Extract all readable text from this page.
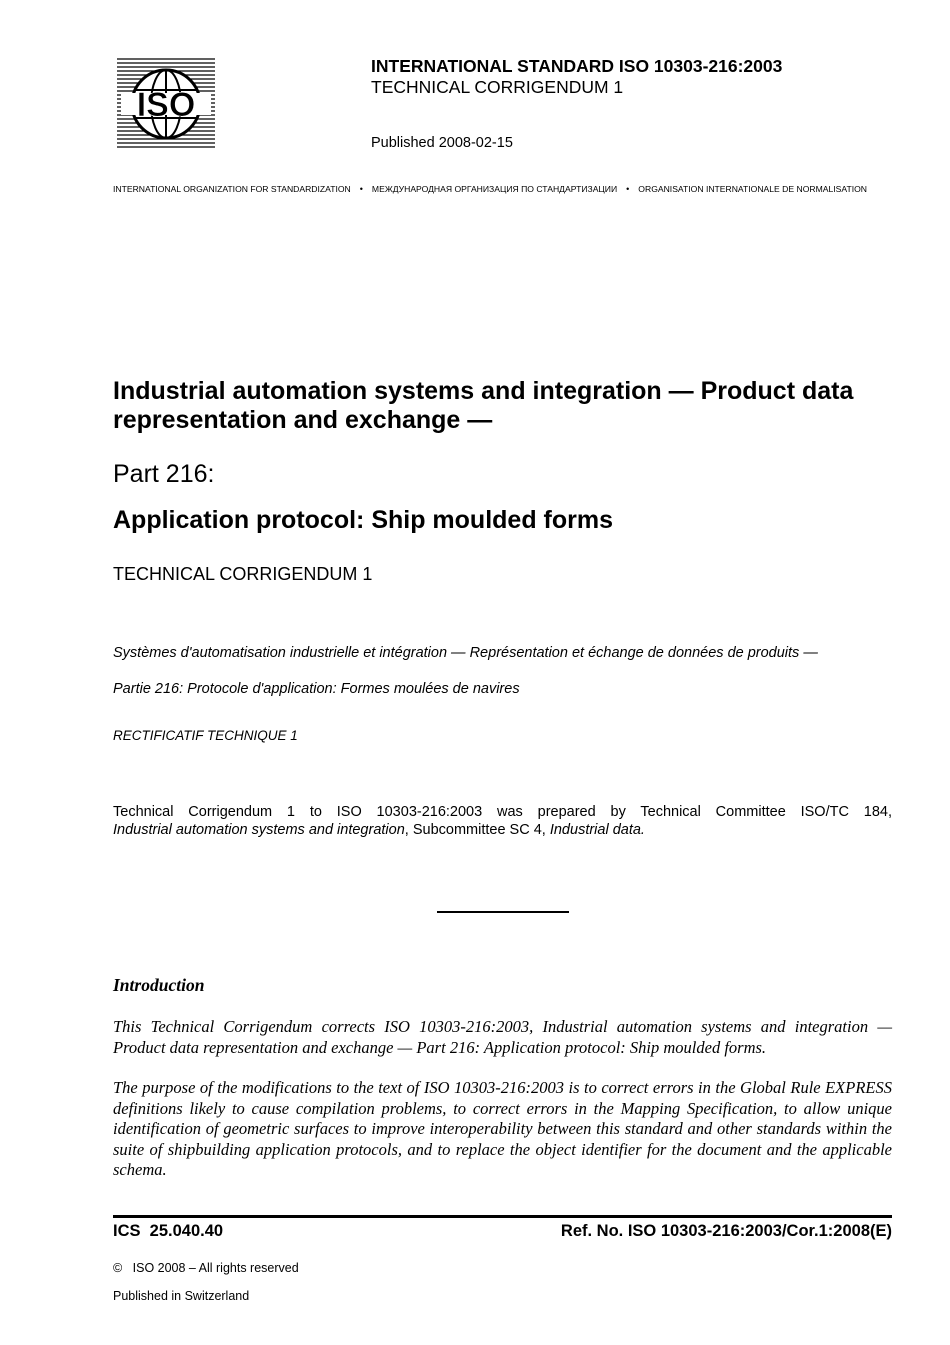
ISO
INTERNATIONAL STANDARD ISO 10303-216:2003
TECHNICAL CORRIGENDUM 1
Published 2008-02-15
INTERNATIONAL ORGANIZATION FOR STANDARDIZATION • МЕЖДУНАРОДНАЯ ОРГАНИЗАЦИЯ ПО СТАНДАРТИЗАЦИИ • ORGANISATION INTERNATIONALE DE NORMALISATION
Industrial automation systems and integration — Product data representation and exchange —
Part 216:
Application protocol: Ship moulded forms
TECHNICAL CORRIGENDUM 1
Systèmes d'automatisation industrielle et intégration — Représentation et échange de données de produits —
Partie 216: Protocole d'application: Formes moulées de navires
RECTIFICATIF TECHNIQUE 1
Technical Corrigendum 1 to ISO 10303-216:2003 was prepared by Technical Committee ISO/TC 184,
Industrial automation systems and integration, Subcommittee SC 4, Industrial data.
Introduction
This Technical Corrigendum corrects ISO 10303-216:2003, Industrial automation systems and integration — Product data representation and exchange — Part 216: Application protocol: Ship moulded forms.
The purpose of the modifications to the text of ISO 10303-216:2003 is to correct errors in the Global Rule EXPRESS definitions likely to cause compilation problems, to correct errors in the Mapping Specification, to allow unique identification of geometric surfaces to improve interoperability between this standard and other standards within the suite of shipbuilding application protocols, and to replace the object identifier for the document and the applicable schema.
ICS  25.040.40	Ref. No. ISO 10303-216:2003/Cor.1:2008(E)
©   ISO 2008 – All rights reserved
Published in Switzerland
